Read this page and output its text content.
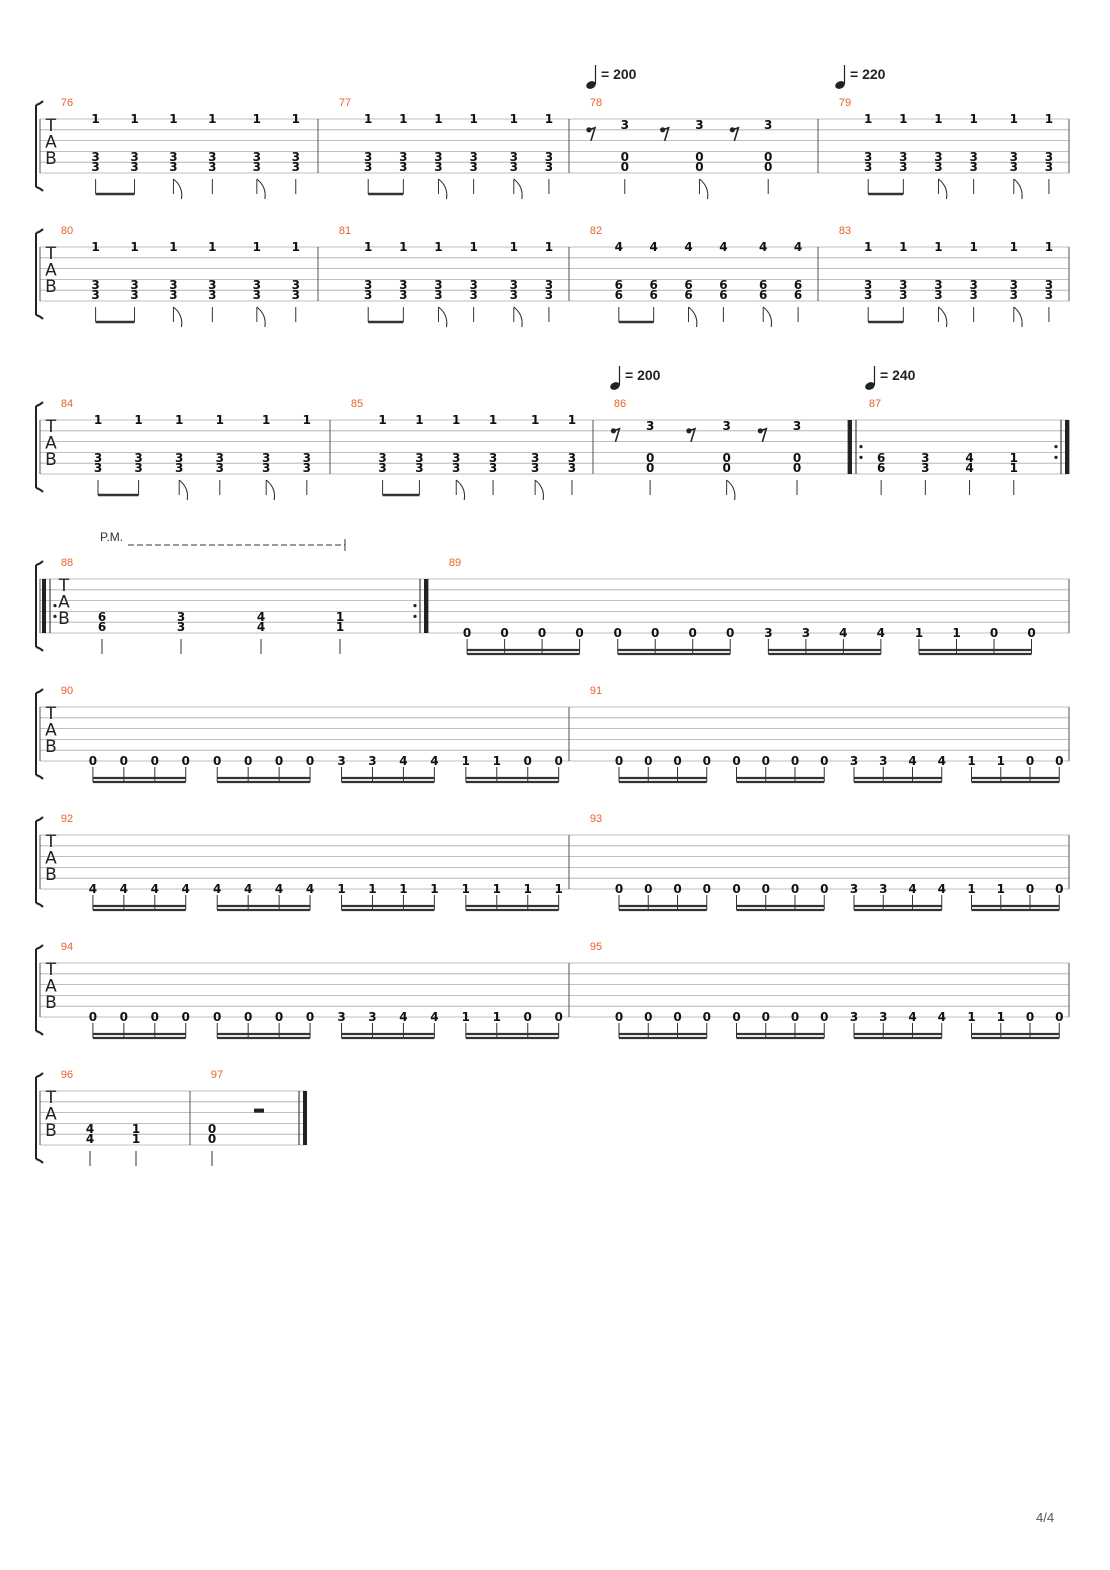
T
A
B
76
1
3
3
1
3
3
1
3
3
1
3
3
1
3
3
1
3
3
77
1
3
3
1
3
3
1
3
3
1
3
3
1
3
3
1
3
3
78
= 200
3
0
0
3
0
0
3
0
0
79
= 220
1
3
3
1
3
3
1
3
3
1
3
3
1
3
3
1
3
3
T
A
B
80
1
3
3
1
3
3
1
3
3
1
3
3
1
3
3
1
3
3
81
1
3
3
1
3
3
1
3
3
1
3
3
1
3
3
1
3
3
82
4
6
6
4
6
6
4
6
6
4
6
6
4
6
6
4
6
6
83
1
3
3
1
3
3
1
3
3
1
3
3
1
3
3
1
3
3
T
A
B
84
1
3
3
1
3
3
1
3
3
1
3
3
1
3
3
1
3
3
85
1
3
3
1
3
3
1
3
3
1
3
3
1
3
3
1
3
3
86
= 200
3
0
0
3
0
0
3
0
0
87
= 240
6
6
3
3
4
4
1
1
T
A
B
88
P.M.
6
6
3
3
4
4
1
1
89
0 0 0 0 0 0 0 0 3 3 4 4 1 1 0 0
T
A
B
90
0 0 0 0 0 0 0 0 3 3 4 4 1 1 0 0
91
0 0 0 0 0 0 0 0 3 3 4 4 1 1 0 0
T
A
B
92
4 4 4 4 4 4 4 4 1 1 1 1 1 1 1 1
93
0 0 0 0 0 0 0 0 3 3 4 4 1 1 0 0
T
A
B
94
0 0 0 0 0 0 0 0 3 3 4 4 1 1 0 0
95
0 0 0 0 0 0 0 0 3 3 4 4 1 1 0 0
T
A
B
96
4
4
1
1
97
0
0
4/4
